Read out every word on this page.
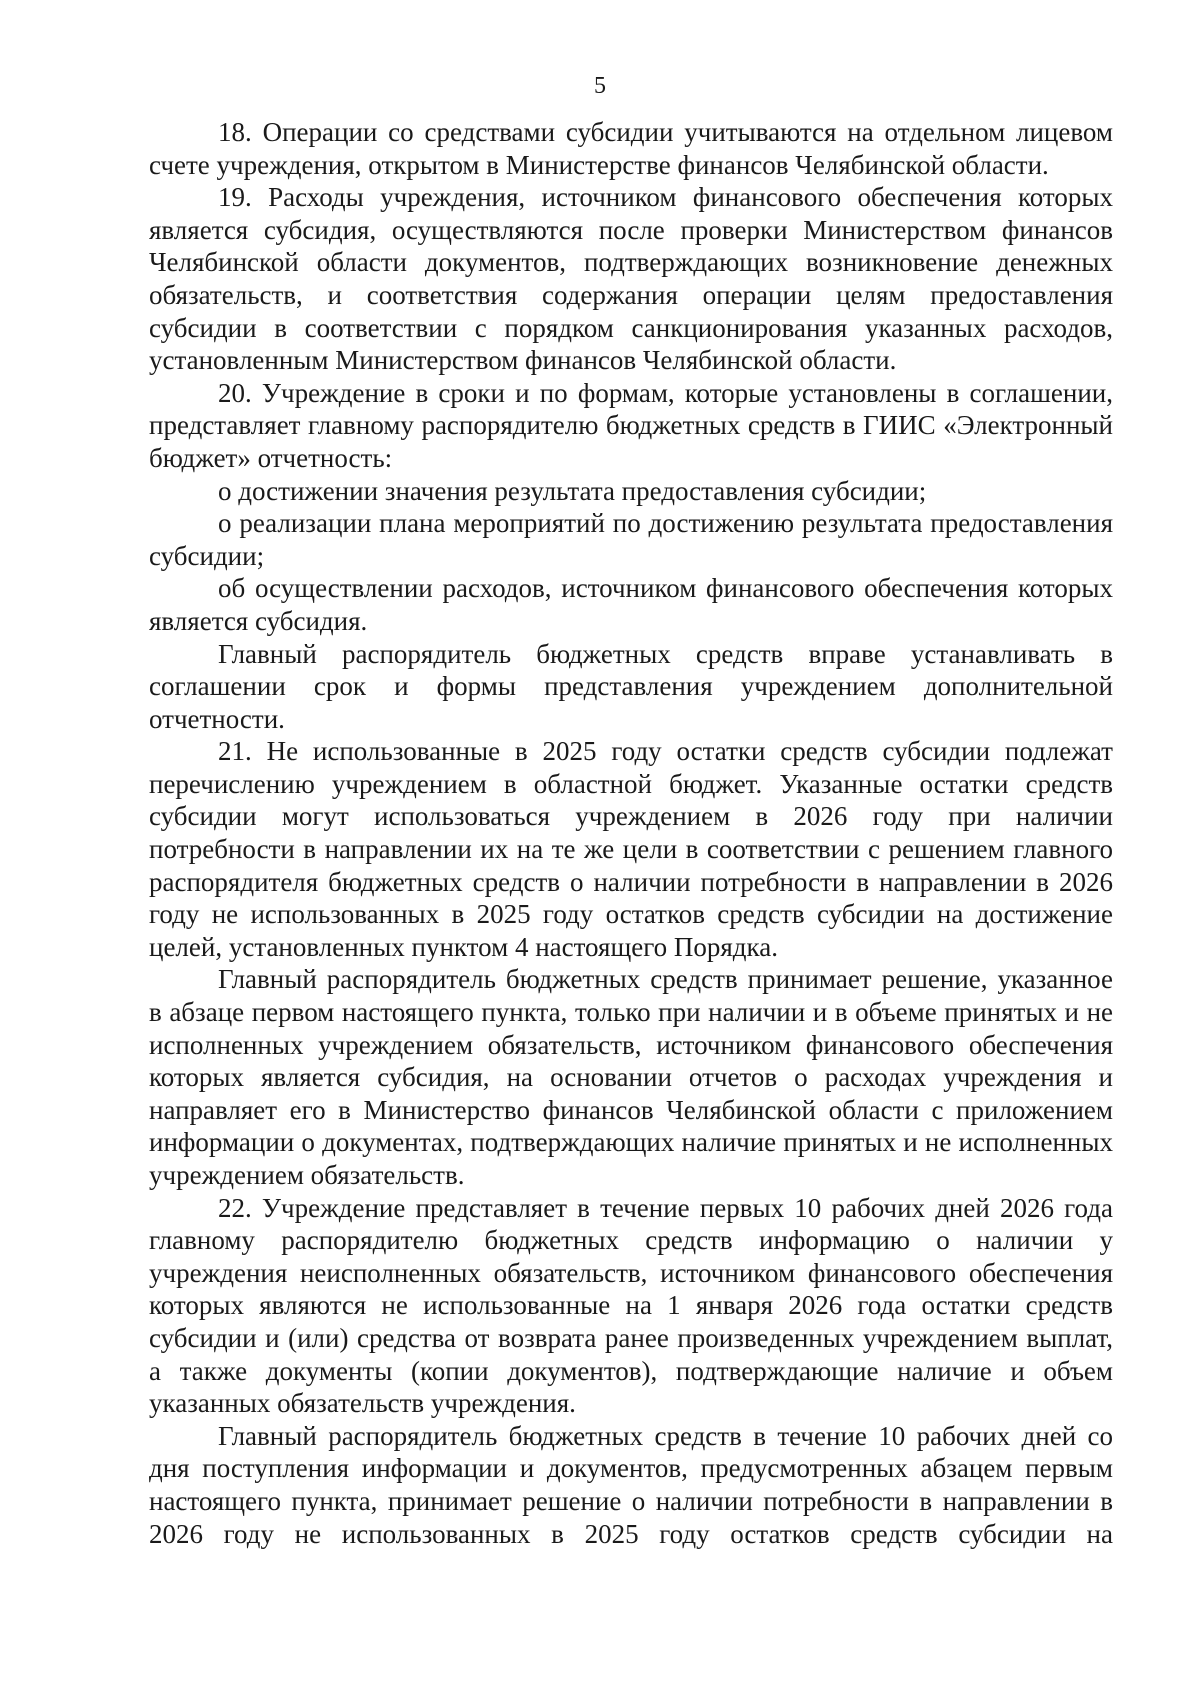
5

18. Операции со средствами субсидии учитываются на отдельном лицевом счете учреждения, открытом в Министерстве финансов Челябинской области.

19. Расходы учреждения, источником финансового обеспечения которых является субсидия, осуществляются после проверки Министерством финансов Челябинской области документов, подтверждающих возникновение денежных обязательств, и соответствия содержания операции целям предоставления субсидии в соответствии с порядком санкционирования указанных расходов, установленным Министерством финансов Челябинской области.

20. Учреждение в сроки и по формам, которые установлены в соглашении, представляет главному распорядителю бюджетных средств в ГИИС «Электронный бюджет» отчетность:

о достижении значения результата предоставления субсидии;

о реализации плана мероприятий по достижению результата предоставления субсидии;

об осуществлении расходов, источником финансового обеспечения которых является субсидия.

Главный распорядитель бюджетных средств вправе устанавливать в соглашении срок и формы представления учреждением дополнительной отчетности.

21. Не использованные в 2025 году остатки средств субсидии подлежат перечислению учреждением в областной бюджет. Указанные остатки средств субсидии могут использоваться учреждением в 2026 году при наличии потребности в направлении их на те же цели в соответствии с решением главного распорядителя бюджетных средств о наличии потребности в направлении в 2026 году не использованных в 2025 году остатков средств субсидии на достижение целей, установленных пунктом 4 настоящего Порядка.

Главный распорядитель бюджетных средств принимает решение, указанное в абзаце первом настоящего пункта, только при наличии и в объеме принятых и не исполненных учреждением обязательств, источником финансового обеспечения которых является субсидия, на основании отчетов о расходах учреждения и направляет его в Министерство финансов Челябинской области с приложением информации о документах, подтверждающих наличие принятых и не исполненных учреждением обязательств.

22. Учреждение представляет в течение первых 10 рабочих дней 2026 года главному распорядителю бюджетных средств информацию о наличии у учреждения неисполненных обязательств, источником финансового обеспечения которых являются не использованные на 1 января 2026 года остатки средств субсидии и (или) средства от возврата ранее произведенных учреждением выплат, а также документы (копии документов), подтверждающие наличие и объем указанных обязательств учреждения.

Главный распорядитель бюджетных средств в течение 10 рабочих дней со дня поступления информации и документов, предусмотренных абзацем первым настоящего пункта, принимает решение о наличии потребности в направлении в 2026 году не использованных в 2025 году остатков средств субсидии на
